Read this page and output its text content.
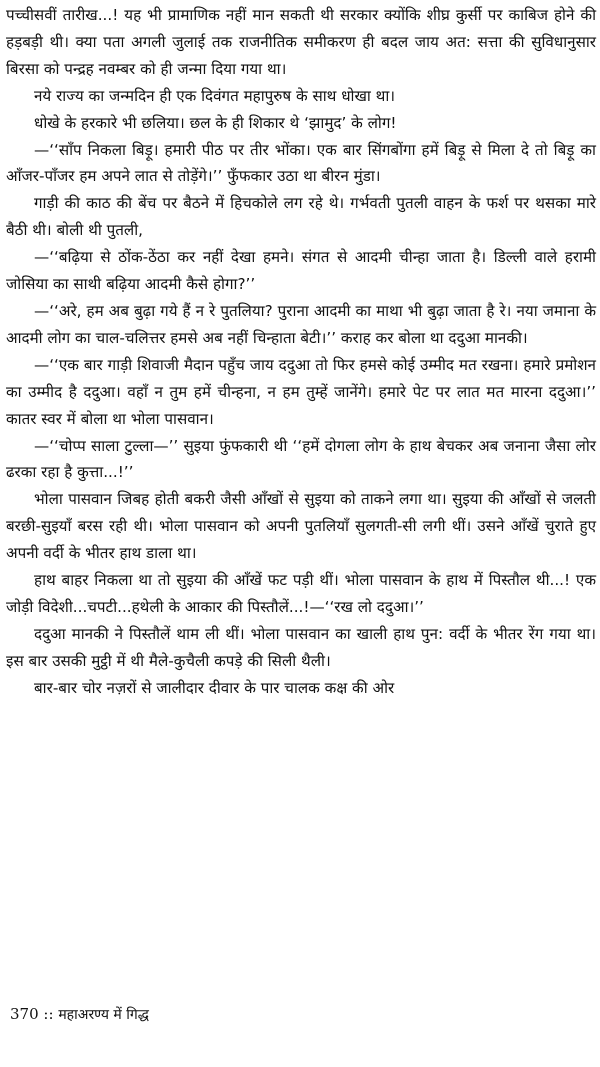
पच्चीसवीं तारीख...! यह भी प्रामाणिक नहीं मान सकती थी सरकार क्योंकि शीघ्र कुर्सी पर काबिज होने की हड़बड़ी थी। क्या पता अगली जुलाई तक राजनीतिक समीकरण ही बदल जाय अत: सत्ता की सुविधानुसार बिरसा को पन्द्रह नवम्बर को ही जन्मा दिया गया था।

नये राज्य का जन्मदिन ही एक दिवंगत महापुरुष के साथ धोखा था।

धोखे के हरकारे भी छलिया। छल के ही शिकार थे ‘झामुद’ के लोग!

—‘‘साँप निकला बिड़ू। हमारी पीठ पर तीर भोंका। एक बार सिंगबोंगा हमें बिड़ू से मिला दे तो बिड़ू का आँजर-पाँजर हम अपने लात से तोड़ेंगे।’’ फुँफकार उठा था बीरन मुंडा।

गाड़ी की काठ की बेंच पर बैठने में हिचकोले लग रहे थे। गर्भवती पुतली वाहन के फर्श पर थसका मारे बैठी थी। बोली थी पुतली,

—‘‘बढ़िया से ठोंक-ठेंठा कर नहीं देखा हमने। संगत से आदमी चीन्हा जाता है। डिल्ली वाले हरामी जोसिया का साथी बढ़िया आदमी कैसे होगा?’’

—‘‘अरे, हम अब बुढ़ा गये हैं न रे पुतलिया? पुराना आदमी का माथा भी बुढ़ा जाता है रे। नया जमाना के आदमी लोग का चाल-चलित्तर हमसे अब नहीं चिन्हाता बेटी।’’ कराह कर बोला था ददुआ मानकी।

—‘‘एक बार गाड़ी शिवाजी मैदान पहुँच जाय ददुआ तो फिर हमसे कोई उम्मीद मत रखना। हमारे प्रमोशन का उम्मीद है ददुआ। वहाँ न तुम हमें चीन्हना, न हम तुम्हें जानेंगे। हमारे पेट पर लात मत मारना ददुआ।’’ कातर स्वर में बोला था भोला पासवान।

—‘‘चोप्प साला टुल्ला—’’ सुइया फुंफकारी थी ‘‘हमें दोगला लोग के हाथ बेचकर अब जनाना जैसा लोर ढरका रहा है कुत्ता...!’’

भोला पासवान जिबह होती बकरी जैसी आँखों से सुइया को ताकने लगा था। सुइया की आँखों से जलती बरछी-सुइयाँ बरस रही थी। भोला पासवान को अपनी पुतलियाँ सुलगती-सी लगी थीं। उसने आँखें चुराते हुए अपनी वर्दी के भीतर हाथ डाला था।

हाथ बाहर निकला था तो सुइया की आँखें फट पड़ी थीं। भोला पासवान के हाथ में पिस्तौल थी...! एक जोड़ी विदेशी...चपटी...हथेली के आकार की पिस्तौलें...!—‘‘रख लो ददुआ।’’

ददुआ मानकी ने पिस्तौलें थाम ली थीं। भोला पासवान का खाली हाथ पुन: वर्दी के भीतर रेंग गया था। इस बार उसकी मुट्ठी में थी मैले-कुचैली कपड़े की सिली थैली।

बार-बार चोर नज़रों से जालीदार दीवार के पार चालक कक्ष की ओर

370 :: महाअरण्य में गिद्ध
